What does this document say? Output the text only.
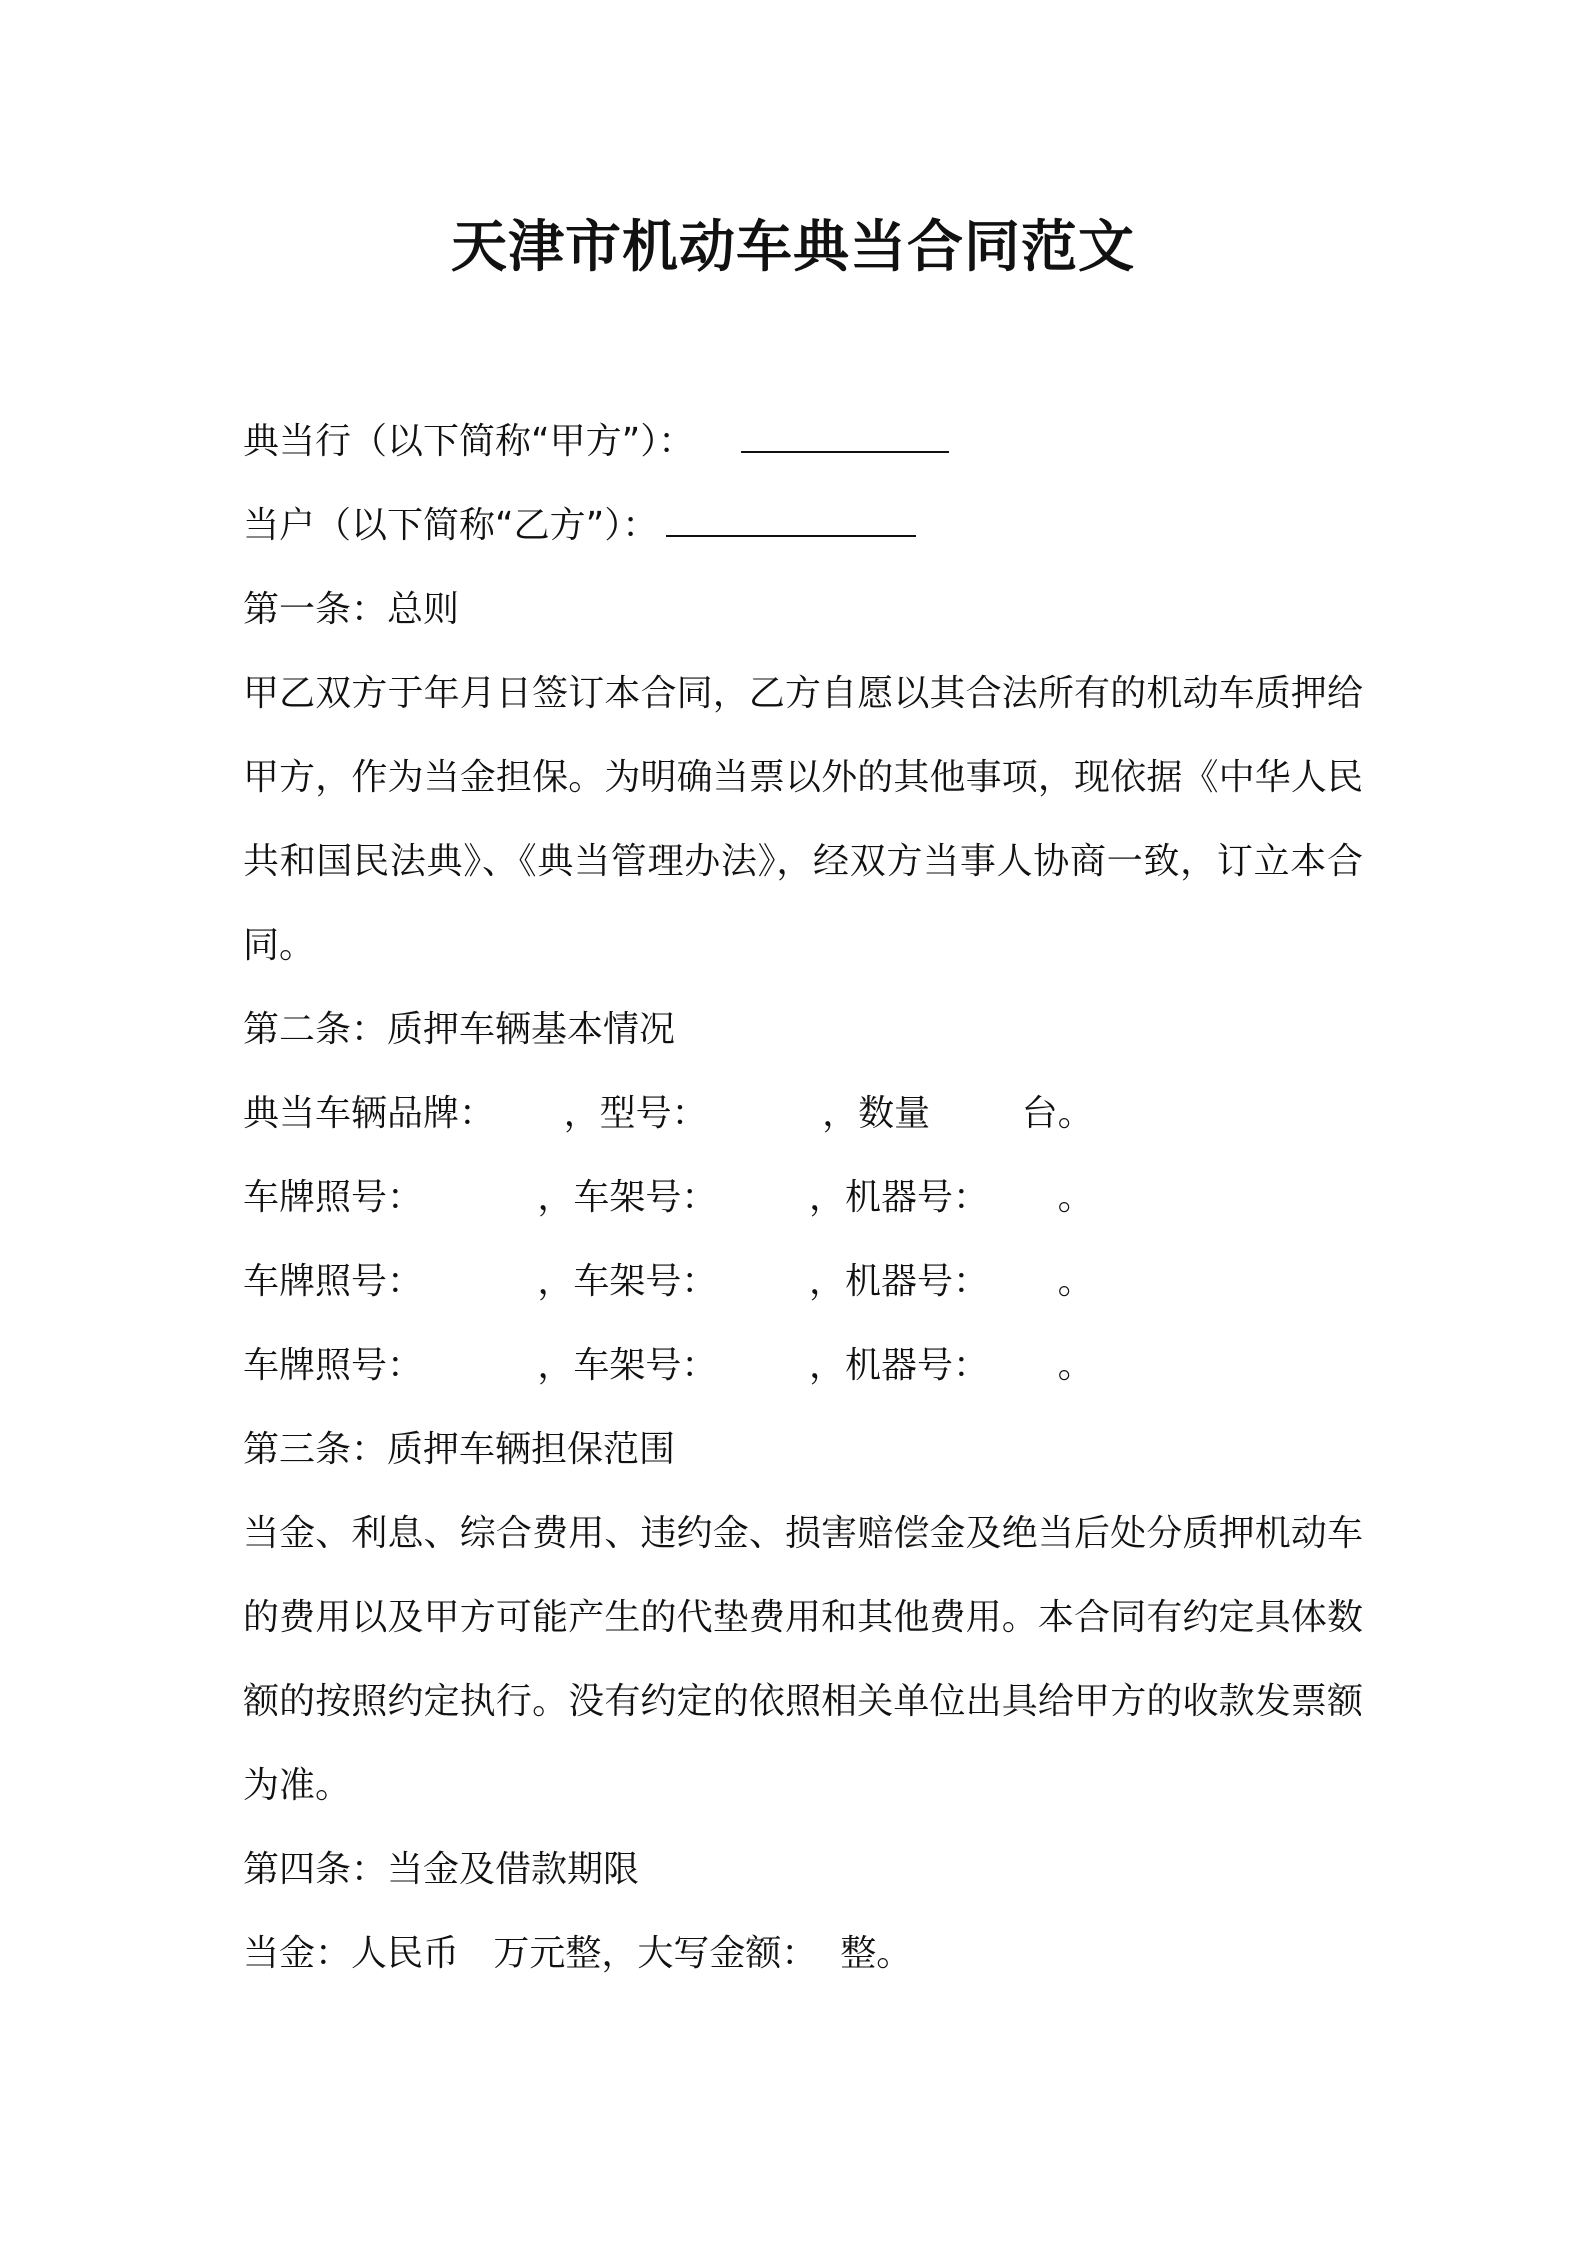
天津市机动车典当合同范文
典当行（以下简称“甲方”）：
当户（以下简称“乙方”）：
第一条：总则
甲乙双方于年月日签订本合同，乙方自愿以其合法所有的机动车质押给甲方，作为当金担保。为明确当票以外的其他事项，现依据《中华人民共和国民法典》、《典当管理办法》，经双方当事人协商一致，订立本合同。
第二条：质押车辆基本情况
典当车辆品牌：      ，型号：          ，数量        台。
车牌照号：          ，车架号：        ，机器号：      。
车牌照号：          ，车架号：        ，机器号：      。
车牌照号：          ，车架号：        ，机器号：      。
第三条：质押车辆担保范围
当金、利息、综合费用、违约金、损害赔偿金及绝当后处分质押机动车的费用以及甲方可能产生的代垫费用和其他费用。本合同有约定具体数额的按照约定执行。没有约定的依照相关单位出具给甲方的收款发票额为准。
第四条：当金及借款期限
当金：人民币   万元整，大写金额：  整。
